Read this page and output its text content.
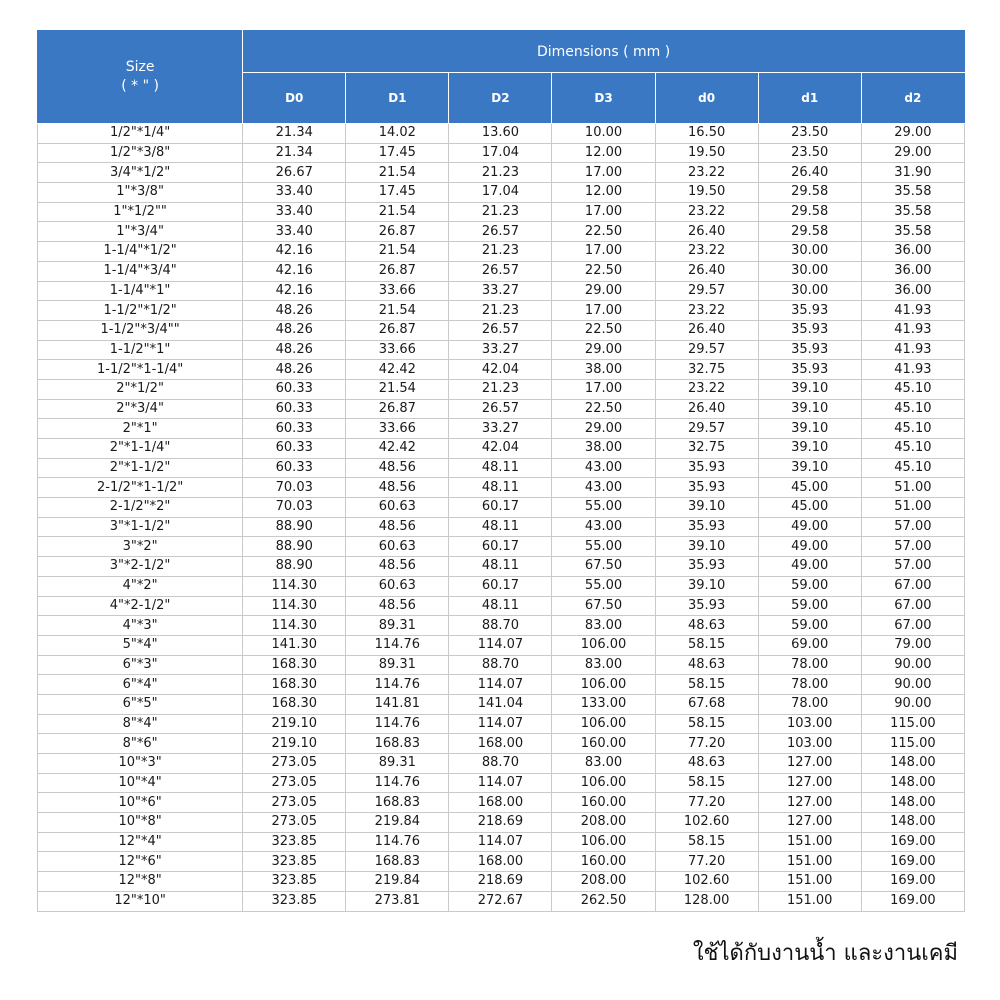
Size
( * " )	Dimensions ( mm )						
	D0	D1	D2	D3	d0	d1	d2
1/2"*1/4"	21.34	14.02	13.60	10.00	16.50	23.50	29.00
1/2"*3/8"	21.34	17.45	17.04	12.00	19.50	23.50	29.00
3/4"*1/2"	26.67	21.54	21.23	17.00	23.22	26.40	31.90
1"*3/8"	33.40	17.45	17.04	12.00	19.50	29.58	35.58
1"*1/2""	33.40	21.54	21.23	17.00	23.22	29.58	35.58
1"*3/4"	33.40	26.87	26.57	22.50	26.40	29.58	35.58
1-1/4"*1/2"	42.16	21.54	21.23	17.00	23.22	30.00	36.00
1-1/4"*3/4"	42.16	26.87	26.57	22.50	26.40	30.00	36.00
1-1/4"*1"	42.16	33.66	33.27	29.00	29.57	30.00	36.00
1-1/2"*1/2"	48.26	21.54	21.23	17.00	23.22	35.93	41.93
1-1/2"*3/4""	48.26	26.87	26.57	22.50	26.40	35.93	41.93
1-1/2"*1"	48.26	33.66	33.27	29.00	29.57	35.93	41.93
1-1/2"*1-1/4"	48.26	42.42	42.04	38.00	32.75	35.93	41.93
2"*1/2"	60.33	21.54	21.23	17.00	23.22	39.10	45.10
2"*3/4"	60.33	26.87	26.57	22.50	26.40	39.10	45.10
2"*1"	60.33	33.66	33.27	29.00	29.57	39.10	45.10
2"*1-1/4"	60.33	42.42	42.04	38.00	32.75	39.10	45.10
2"*1-1/2"	60.33	48.56	48.11	43.00	35.93	39.10	45.10
2-1/2"*1-1/2"	70.03	48.56	48.11	43.00	35.93	45.00	51.00
2-1/2"*2"	70.03	60.63	60.17	55.00	39.10	45.00	51.00
3"*1-1/2"	88.90	48.56	48.11	43.00	35.93	49.00	57.00
3"*2"	88.90	60.63	60.17	55.00	39.10	49.00	57.00
3"*2-1/2"	88.90	48.56	48.11	67.50	35.93	49.00	57.00
4"*2"	114.30	60.63	60.17	55.00	39.10	59.00	67.00
4"*2-1/2"	114.30	48.56	48.11	67.50	35.93	59.00	67.00
4"*3"	114.30	89.31	88.70	83.00	48.63	59.00	67.00
5"*4"	141.30	114.76	114.07	106.00	58.15	69.00	79.00
6"*3"	168.30	89.31	88.70	83.00	48.63	78.00	90.00
6"*4"	168.30	114.76	114.07	106.00	58.15	78.00	90.00
6"*5"	168.30	141.81	141.04	133.00	67.68	78.00	90.00
8"*4"	219.10	114.76	114.07	106.00	58.15	103.00	115.00
8"*6"	219.10	168.83	168.00	160.00	77.20	103.00	115.00
10"*3"	273.05	89.31	88.70	83.00	48.63	127.00	148.00
10"*4"	273.05	114.76	114.07	106.00	58.15	127.00	148.00
10"*6"	273.05	168.83	168.00	160.00	77.20	127.00	148.00
10"*8"	273.05	219.84	218.69	208.00	102.60	127.00	148.00
12"*4"	323.85	114.76	114.07	106.00	58.15	151.00	169.00
12"*6"	323.85	168.83	168.00	160.00	77.20	151.00	169.00
12"*8"	323.85	219.84	218.69	208.00	102.60	151.00	169.00
12"*10"	323.85	273.81	272.67	262.50	128.00	151.00	169.00
ใช้ได้กับงานน้ำ และงานเคมี
